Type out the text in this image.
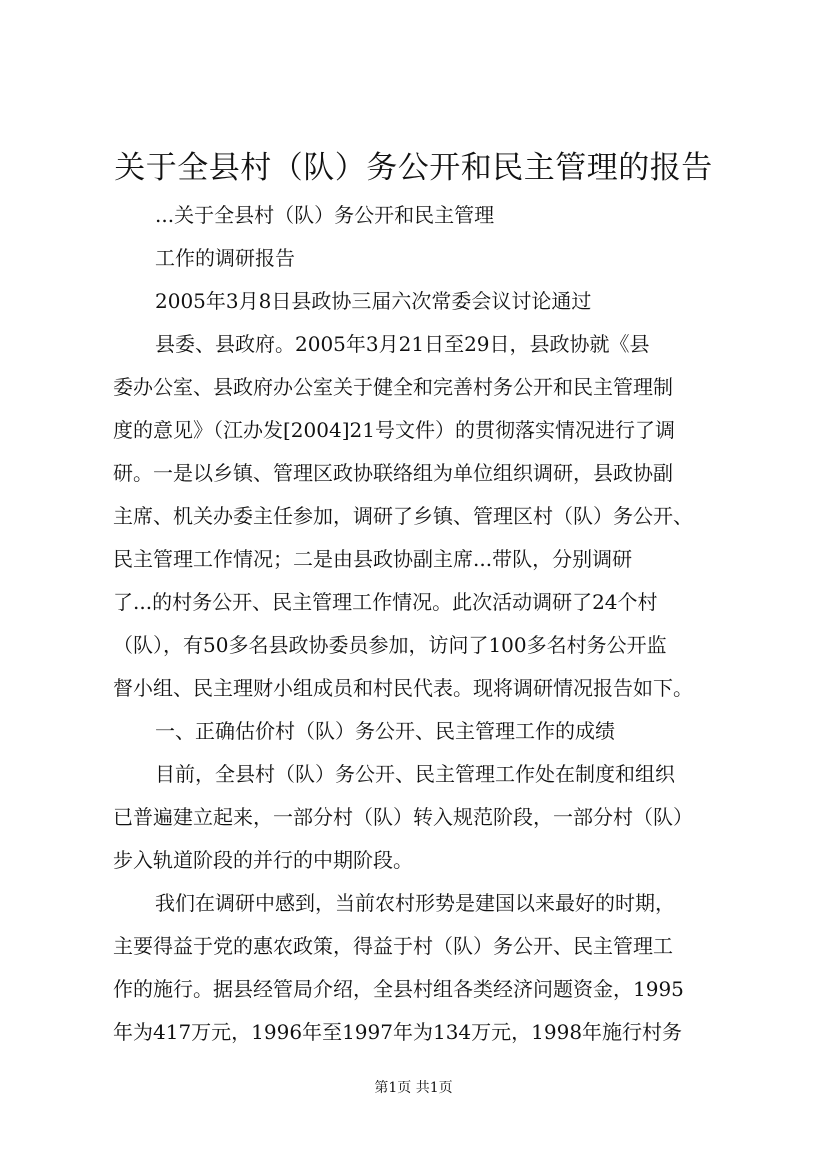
关于全县村（队）务公开和民主管理的报告
...关于全县村（队）务公开和民主管理
工作的调研报告
2005年3月8日县政协三届六次常委会议讨论通过
县委、县政府。2005年3月21日至29日，县政协就《县
委办公室、县政府办公室关于健全和完善村务公开和民主管理制
度的意见》（江办发[2004]21号文件）的贯彻落实情况进行了调
研。一是以乡镇、管理区政协联络组为单位组织调研，县政协副
主席、机关办委主任参加，调研了乡镇、管理区村（队）务公开、
民主管理工作情况；二是由县政协副主席...带队，分别调研
了...的村务公开、民主管理工作情况。此次活动调研了24个村
（队），有50多名县政协委员参加，访问了100多名村务公开监
督小组、民主理财小组成员和村民代表。现将调研情况报告如下。
一、正确估价村（队）务公开、民主管理工作的成绩
目前，全县村（队）务公开、民主管理工作处在制度和组织
已普遍建立起来，一部分村（队）转入规范阶段，一部分村（队）
步入轨道阶段的并行的中期阶段。
我们在调研中感到，当前农村形势是建国以来最好的时期，
主要得益于党的惠农政策，得益于村（队）务公开、民主管理工
作的施行。据县经管局介绍，全县村组各类经济问题资金，1995
年为417万元，1996年至1997年为134万元，1998年施行村务
第1页 共1页
